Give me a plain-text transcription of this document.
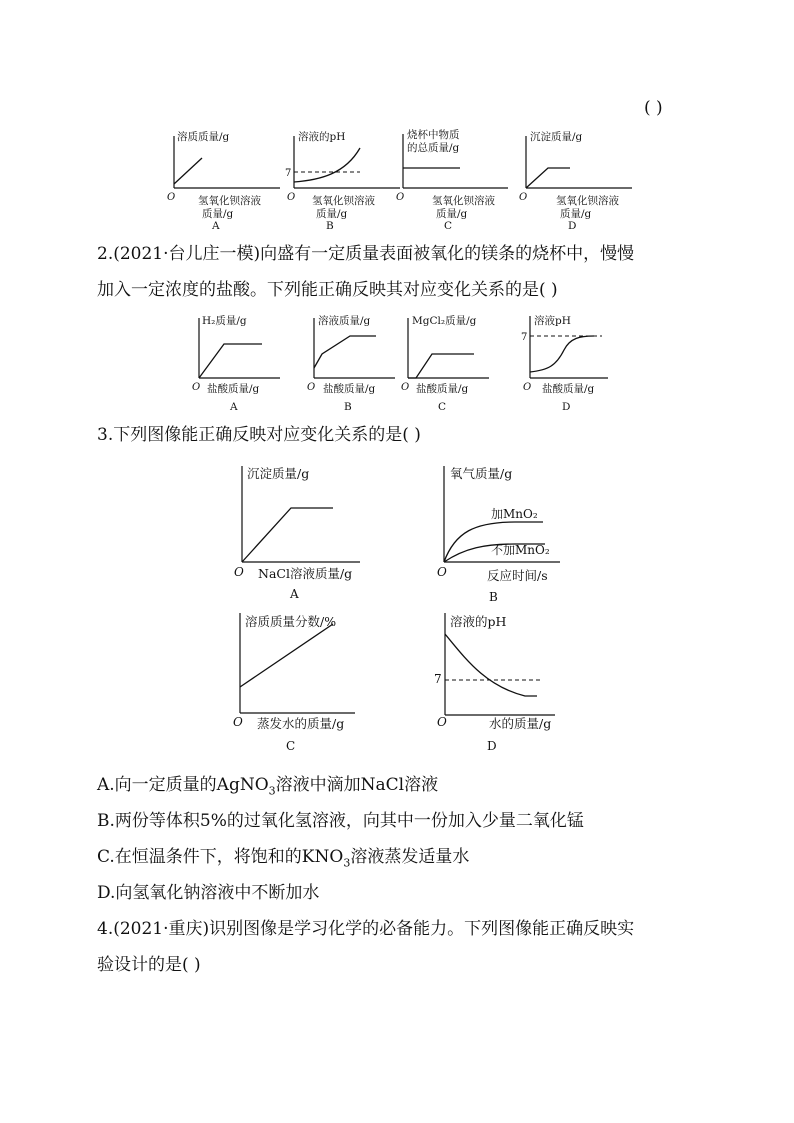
( )
溶质质量/g
O 氢氧化钡溶液
质量/g
A
溶液的pH
7
O 氢氧化钡溶液
质量/g
B
烧杯中物质
的总质量/g
O	氢氧化钡溶液
质量/g
C
沉淀质量/g
O	氢氧化钡溶液
质量/g
D
2.(2021·台儿庄一模)向盛有一定质量表面被氧化的镁条的烧杯中，慢慢
加入一定浓度的盐酸。下列能正确反映其对应变化关系的是( )
H₂质量/g
O 盐酸质量/g
A
溶液质量/g
O 盐酸质量/g
B
MgCl₂质量/g
O 盐酸质量/g
C
溶液pH
7
O 盐酸质量/g
D
3.下列图像能正确反映对应变化关系的是( )
沉淀质量/g
O NaCl溶液质量/g
A
氧气质量/g
加MnO₂
不加MnO₂
O	反应时间/s
B
溶质质量分数/%
O 蒸发水的质量/g
C
溶液的pH
7
O	水的质量/g
D
A.向一定质量的AgNO$_3$溶液中滴加NaCl溶液
B.两份等体积5%的过氧化氢溶液，向其中一份加入少量二氧化锰
C.在恒温条件下，将饱和的$KNO_3$溶液蒸发适量水
D.向氢氧化钠溶液中不断加水
4.(2021·重庆)识别图像是学习化学的必备能力。下列图像能正确反映实
验设计的是( )
